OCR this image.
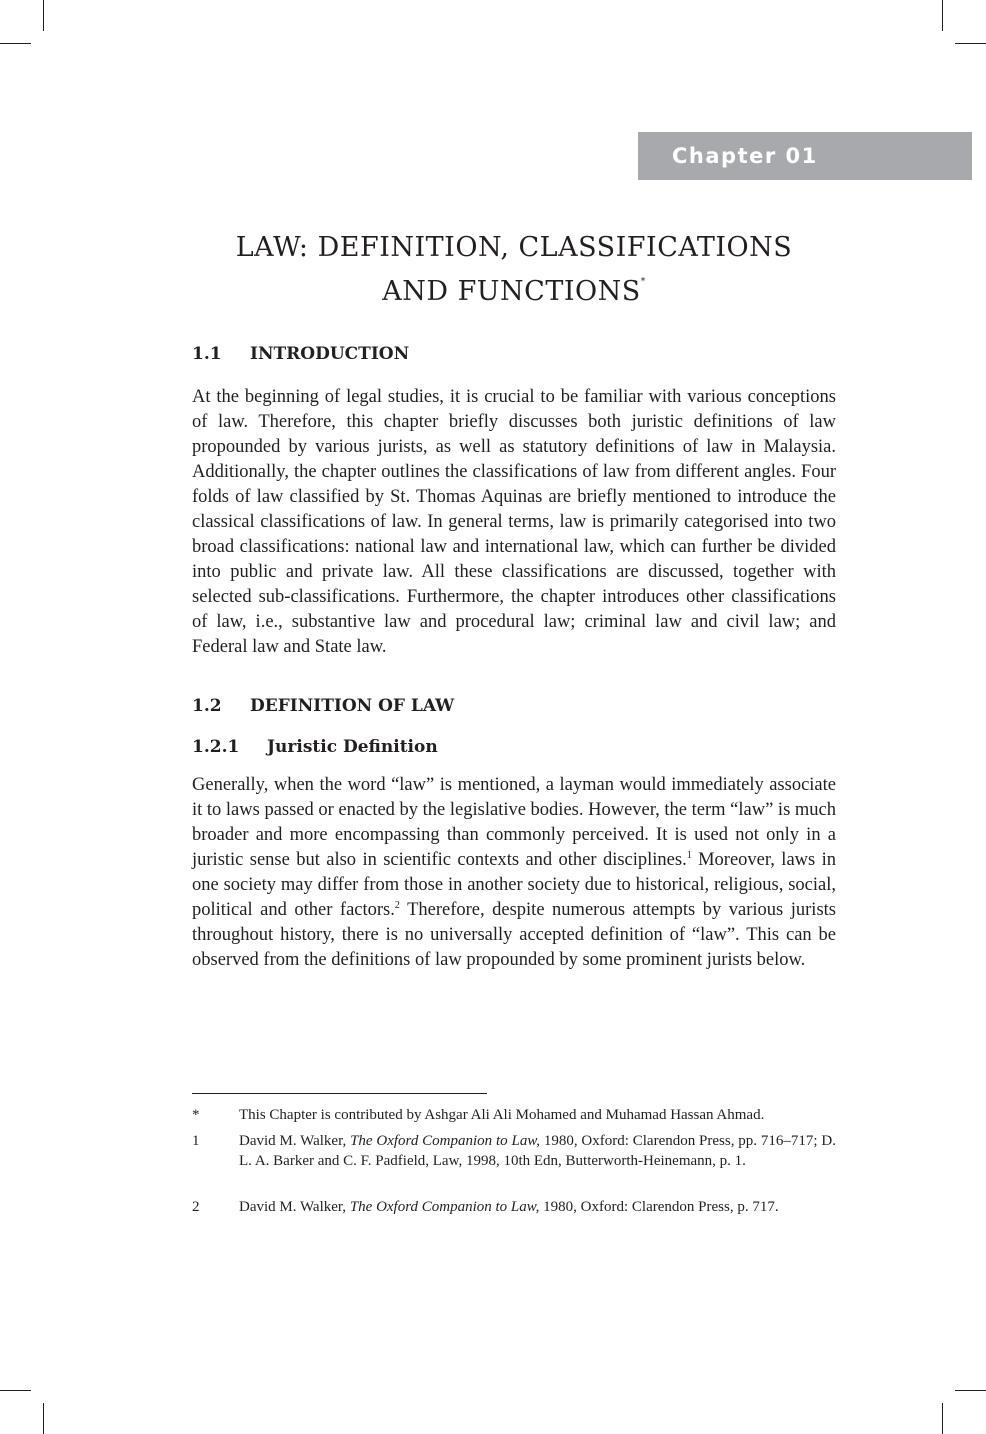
Chapter 01
LAW: DEFINITION, CLASSIFICATIONS
AND FUNCTIONS*
1.1 INTRODUCTION
At the beginning of legal studies, it is crucial to be familiar with various conceptions of law. Therefore, this chapter briefly discusses both juristic definitions of law propounded by various jurists, as well as statutory definitions of law in Malaysia. Additionally, the chapter outlines the classifications of law from different angles. Four folds of law classified by St. Thomas Aquinas are briefly mentioned to introduce the classical classifications of law. In general terms, law is primarily categorised into two broad classifications: national law and international law, which can further be divided into public and private law. All these classifications are discussed, together with selected sub-classifications. Furthermore, the chapter introduces other classifications of law, i.e., substantive law and procedural law; criminal law and civil law; and Federal law and State law.
1.2 DEFINITION OF LAW
1.2.1 Juristic Definition
Generally, when the word “law” is mentioned, a layman would immediately associate it to laws passed or enacted by the legislative bodies. However, the term “law” is much broader and more encompassing than commonly perceived. It is used not only in a juristic sense but also in scientific contexts and other disciplines.$^1$ Moreover, laws in one society may differ from those in another society due to historical, religious, social, political and other factors.$^2$ Therefore, despite numerous attempts by various jurists throughout history, there is no universally accepted definition of “law”. This can be observed from the definitions of law propounded by some prominent jurists below.
*	This Chapter is contributed by Ashgar Ali Ali Mohamed and Muhamad Hassan Ahmad.
1	David M. Walker, The Oxford Companion to Law, 1980, Oxford: Clarendon Press, pp. 716–717; D. L. A. Barker and C. F. Padfield, Law, 1998, 10th Edn, Butterworth-Heinemann, p. 1.
2	David M. Walker, The Oxford Companion to Law, 1980, Oxford: Clarendon Press, p. 717.
